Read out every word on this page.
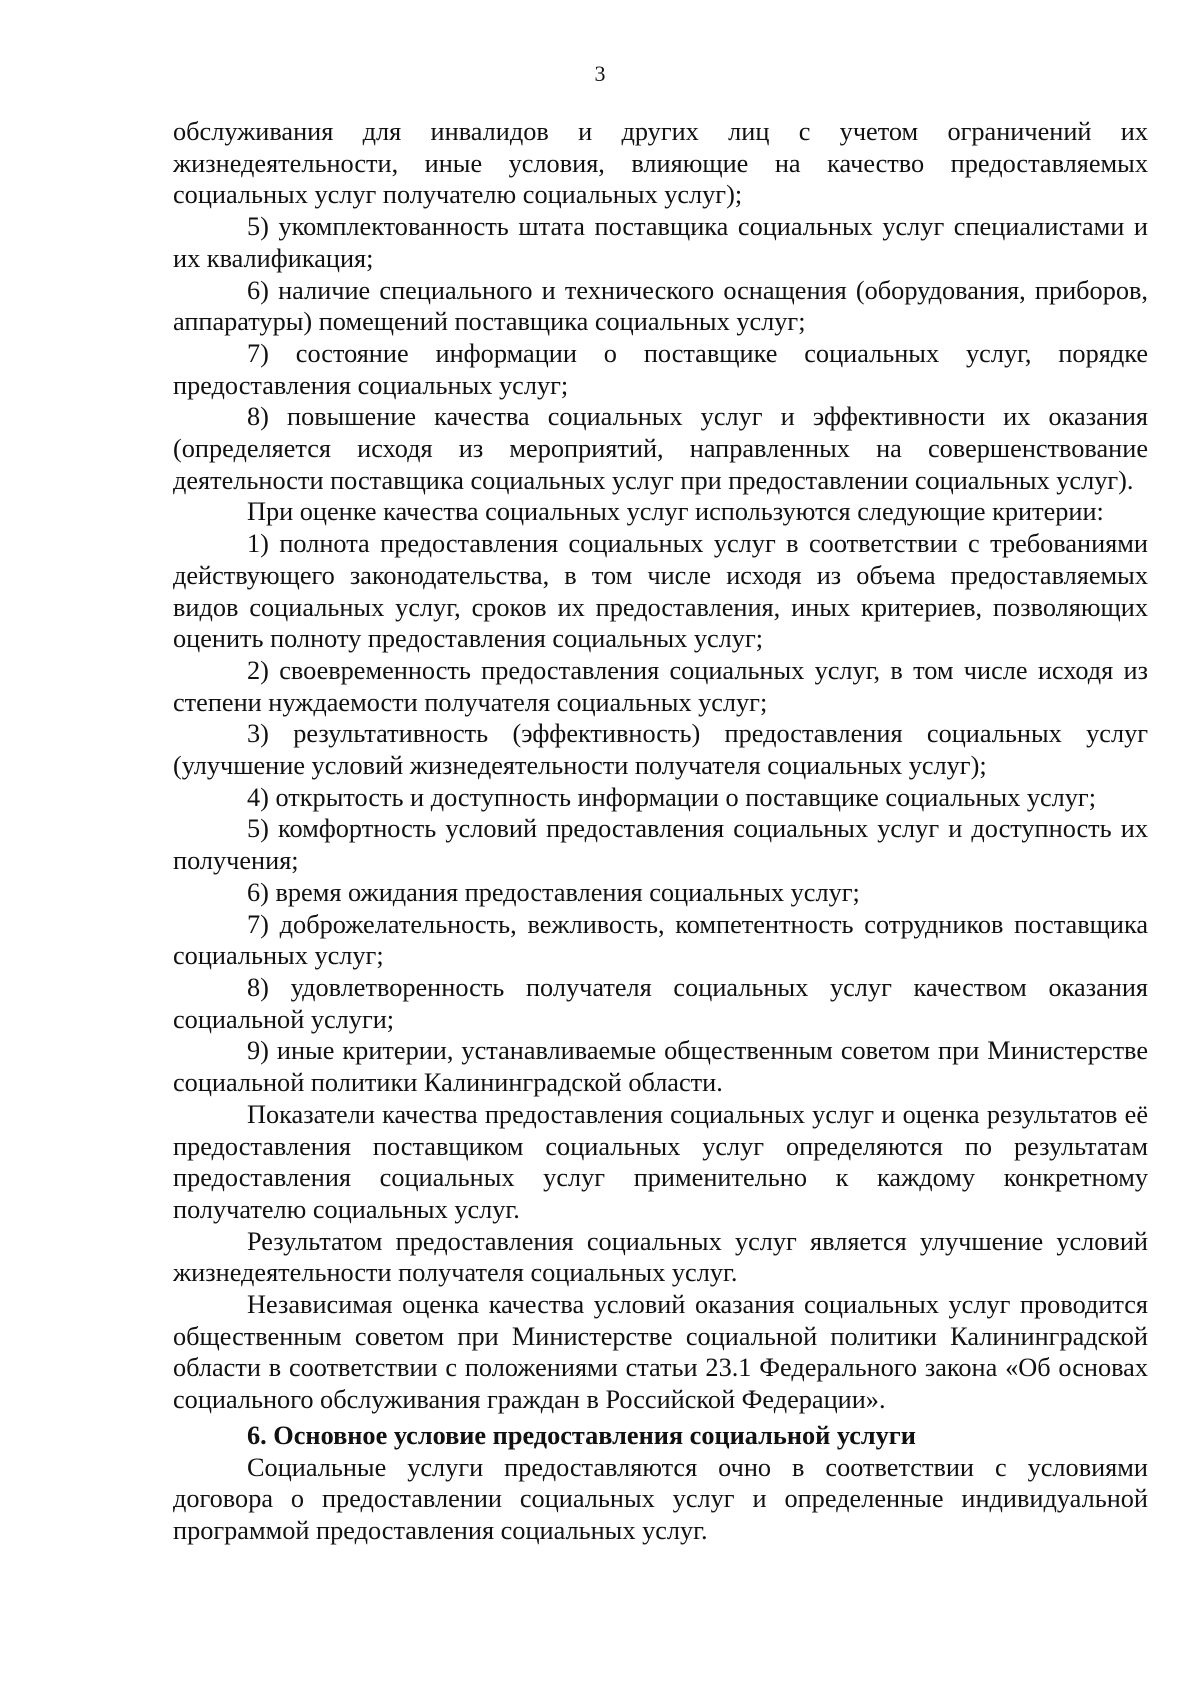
3

обслуживания для инвалидов и других лиц с учетом ограничений их жизнедеятельности, иные условия, влияющие на качество предоставляемых социальных услуг получателю социальных услуг);

5) укомплектованность штата поставщика социальных услуг специалистами и их квалификация;

6) наличие специального и технического оснащения (оборудования, приборов, аппаратуры) помещений поставщика социальных услуг;

7) состояние информации о поставщике социальных услуг, порядке предоставления социальных услуг;

8) повышение качества социальных услуг и эффективности их оказания (определяется исходя из мероприятий, направленных на совершенствование деятельности поставщика социальных услуг при предоставлении социальных услуг).

При оценке качества социальных услуг используются следующие критерии:

1) полнота предоставления социальных услуг в соответствии с требованиями действующего законодательства, в том числе исходя из объема предоставляемых видов социальных услуг, сроков их предоставления, иных критериев, позволяющих оценить полноту предоставления социальных услуг;

2) своевременность предоставления социальных услуг, в том числе исходя из степени нуждаемости получателя социальных услуг;

3) результативность (эффективность) предоставления социальных услуг (улучшение условий жизнедеятельности получателя социальных услуг);

4) открытость и доступность информации о поставщике социальных услуг;

5) комфортность условий предоставления социальных услуг и доступность их получения;

6) время ожидания предоставления социальных услуг;

7) доброжелательность, вежливость, компетентность сотрудников поставщика социальных услуг;

8) удовлетворенность получателя социальных услуг качеством оказания социальной услуги;

9) иные критерии, устанавливаемые общественным советом при Министерстве социальной политики Калининградской области.

Показатели качества предоставления социальных услуг и оценка результатов её предоставления поставщиком социальных услуг определяются по результатам предоставления социальных услуг применительно к каждому конкретному получателю социальных услуг.

Результатом предоставления социальных услуг является улучшение условий жизнедеятельности получателя социальных услуг.

Независимая оценка качества условий оказания социальных услуг проводится общественным советом при Министерстве социальной политики Калининградской области в соответствии с положениями статьи 23.1 Федерального закона «Об основах социального обслуживания граждан в Российской Федерации».

6. Основное условие предоставления социальной услуги

Социальные услуги предоставляются очно в соответствии с условиями договора о предоставлении социальных услуг и определенные индивидуальной программой предоставления социальных услуг.
